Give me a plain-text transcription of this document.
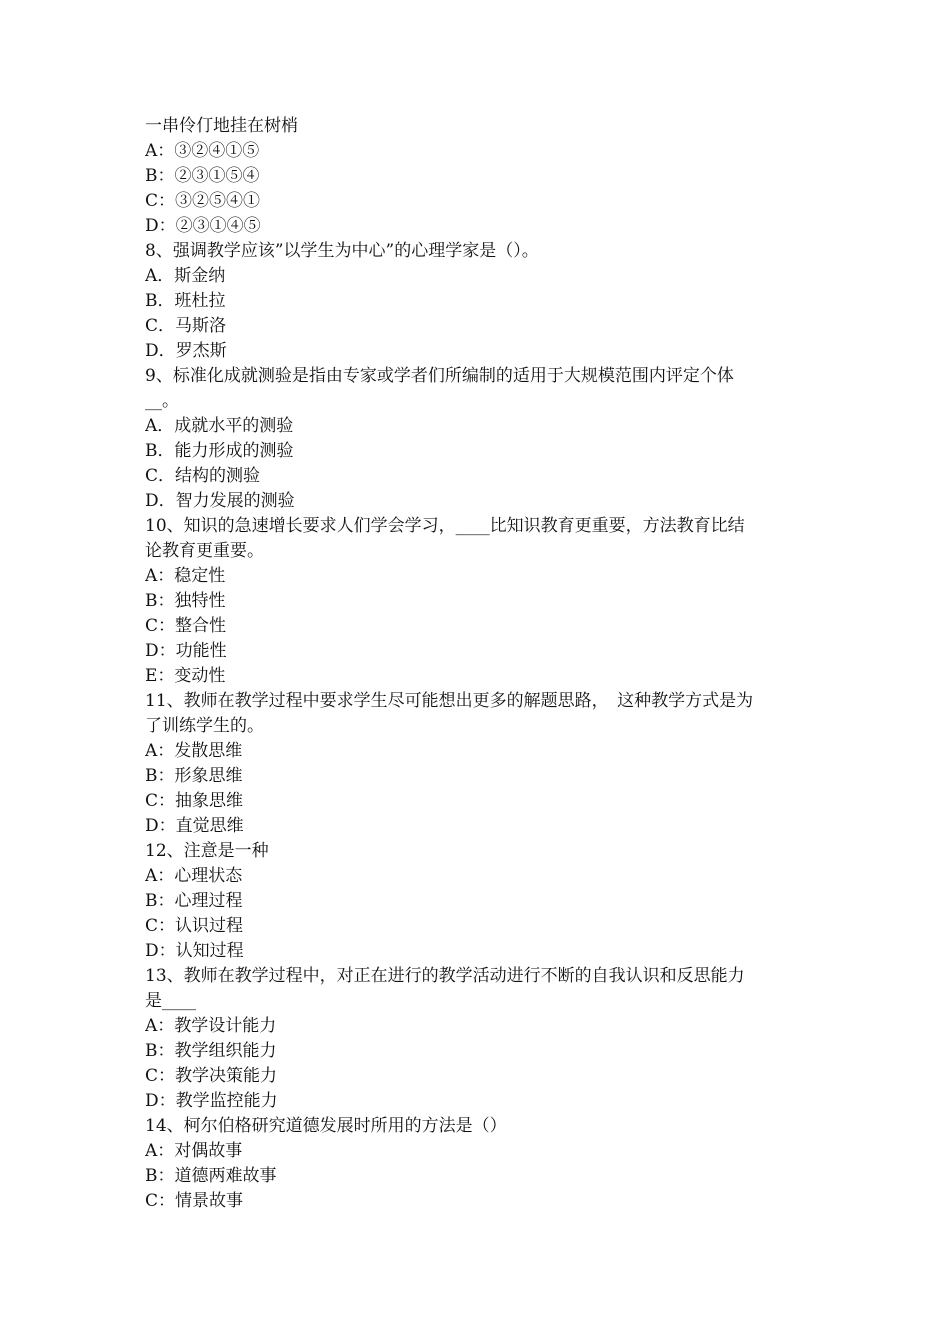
一串伶仃地挂在树梢

A：③②④①⑤

B：②③①⑤④

C：③②⑤④①

D：②③①④⑤

8、强调教学应该”以学生为中心”的心理学家是（）。

A．斯金纳

B．班杜拉

C．马斯洛

D．罗杰斯

9、标准化成就测验是指由专家或学者们所编制的适用于大规模范围内评定个体

__。

A．成就水平的测验

B．能力形成的测验

C．结构的测验

D．智力发展的测验

10、知识的急速增长要求人们学会学习，____比知识教育更重要，方法教育比结

论教育更重要。

A：稳定性

B：独特性

C：整合性

D：功能性

E：变动性

11、教师在教学过程中要求学生尽可能想出更多的解题思路，　这种教学方式是为

了训练学生的。

A：发散思维

B：形象思维

C：抽象思维

D：直觉思维

12、注意是一种

A：心理状态

B：心理过程

C：认识过程

D：认知过程

13、教师在教学过程中，对正在进行的教学活动进行不断的自我认识和反思能力

是____

A：教学设计能力

B：教学组织能力

C：教学决策能力

D：教学监控能力

14、柯尔伯格研究道德发展时所用的方法是（）

A：对偶故事

B：道德两难故事

C：情景故事
